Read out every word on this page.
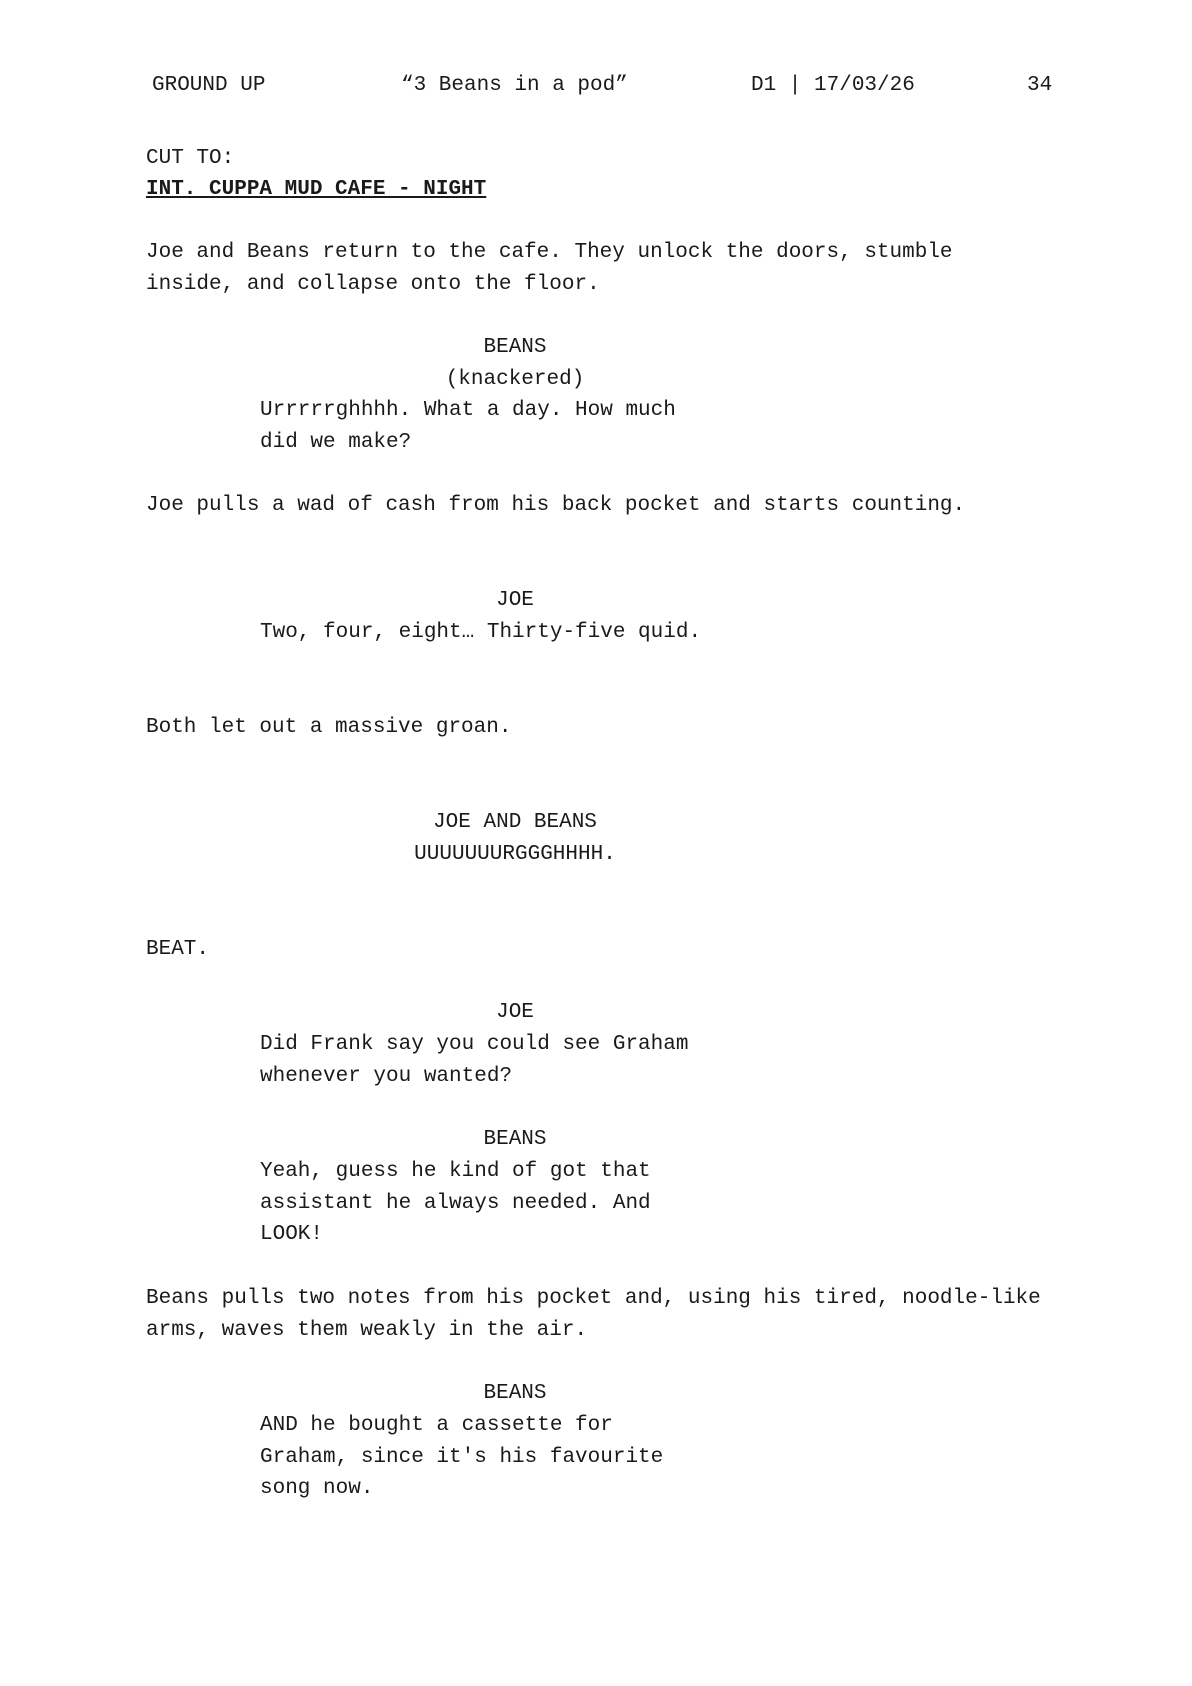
GROUND UP	“3 Beans in a pod”	D1 | 17/03/26	34
CUT TO:
INT. CUPPA MUD CAFE - NIGHT
Joe and Beans return to the cafe. They unlock the doors, stumble inside, and collapse onto the floor.
BEANS
(knackered)
Urrrrrghhhh. What a day. How much
did we make?
Joe pulls a wad of cash from his back pocket and starts counting.
JOE
Two, four, eight… Thirty-five quid.
Both let out a massive groan.
JOE AND BEANS
UUUUUUURGGGHHHH.
BEAT.
JOE
Did Frank say you could see Graham
whenever you wanted?
BEANS
Yeah, guess he kind of got that
assistant he always needed. And
LOOK!
Beans pulls two notes from his pocket and, using his tired, noodle-like arms, waves them weakly in the air.
BEANS
AND he bought a cassette for
Graham, since it's his favourite
song now.
